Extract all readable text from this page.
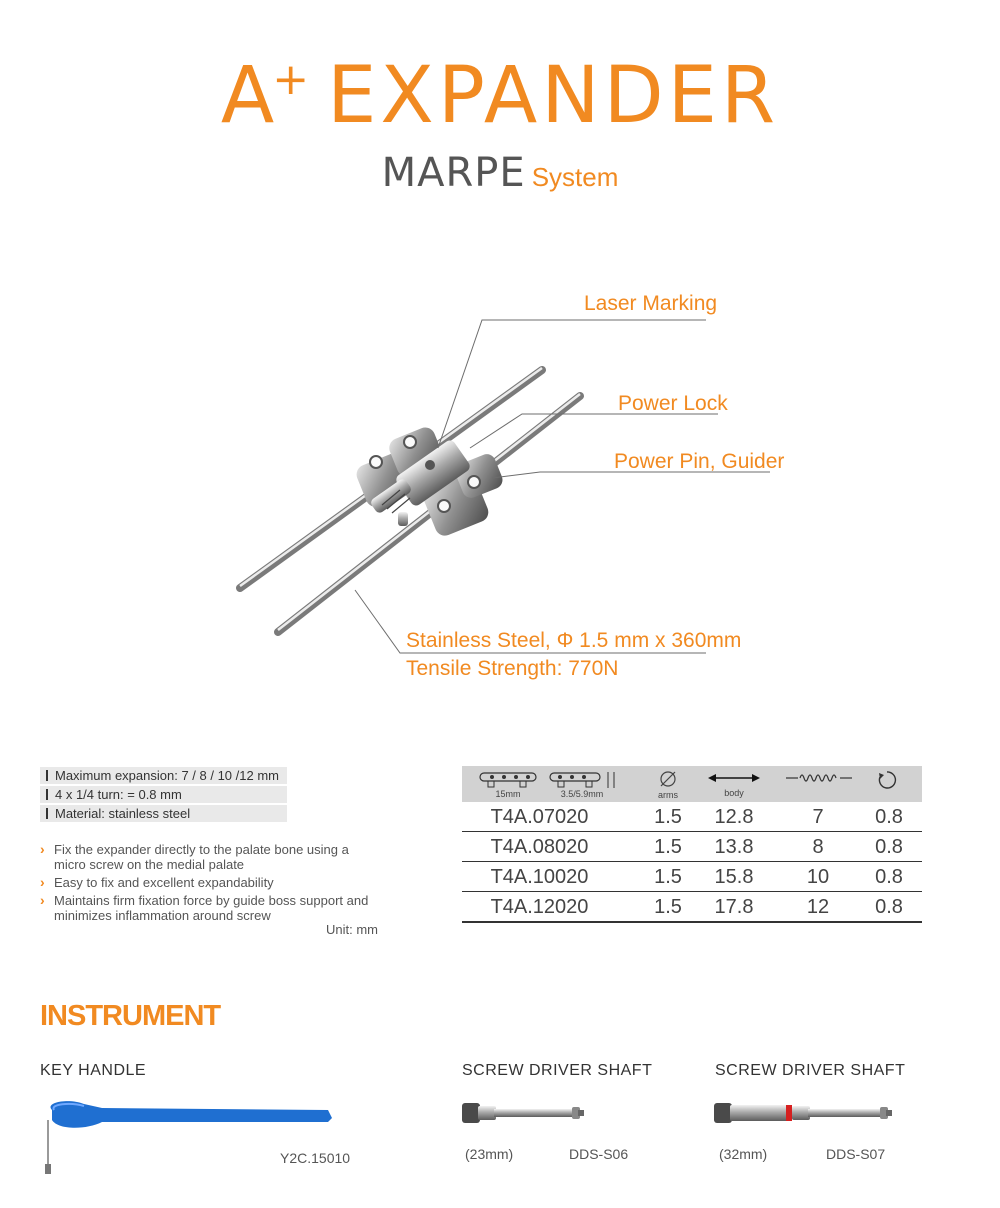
A+ EXPANDER
MARPE System
Laser Marking
Power Lock
Power Pin, Guider
Stainless Steel, Φ 1.5 mm x 360mm
Tensile Strength: 770N
Maximum expansion: 7 / 8 / 10 /12 mm
4 x 1/4 turn: = 0.8 mm
Material: stainless steel
› Fix the expander directly to the palate bone using a micro screw on the medial palate
› Easy to fix and excellent expandability
› Maintains firm fixation force by guide boss support and minimizes inflammation around screw
Unit: mm
15mm	3.5/5.9mm	arms	body
T4A.07020	1.5	12.8	7	0.8
T4A.08020	1.5	13.8	8	0.8
T4A.10020	1.5	15.8	10	0.8
T4A.12020	1.5	17.8	12	0.8
INSTRUMENT
KEY HANDLE
Y2C.15010
SCREW DRIVER SHAFT
(23mm)	DDS-S06
SCREW DRIVER SHAFT
(32mm)	DDS-S07
